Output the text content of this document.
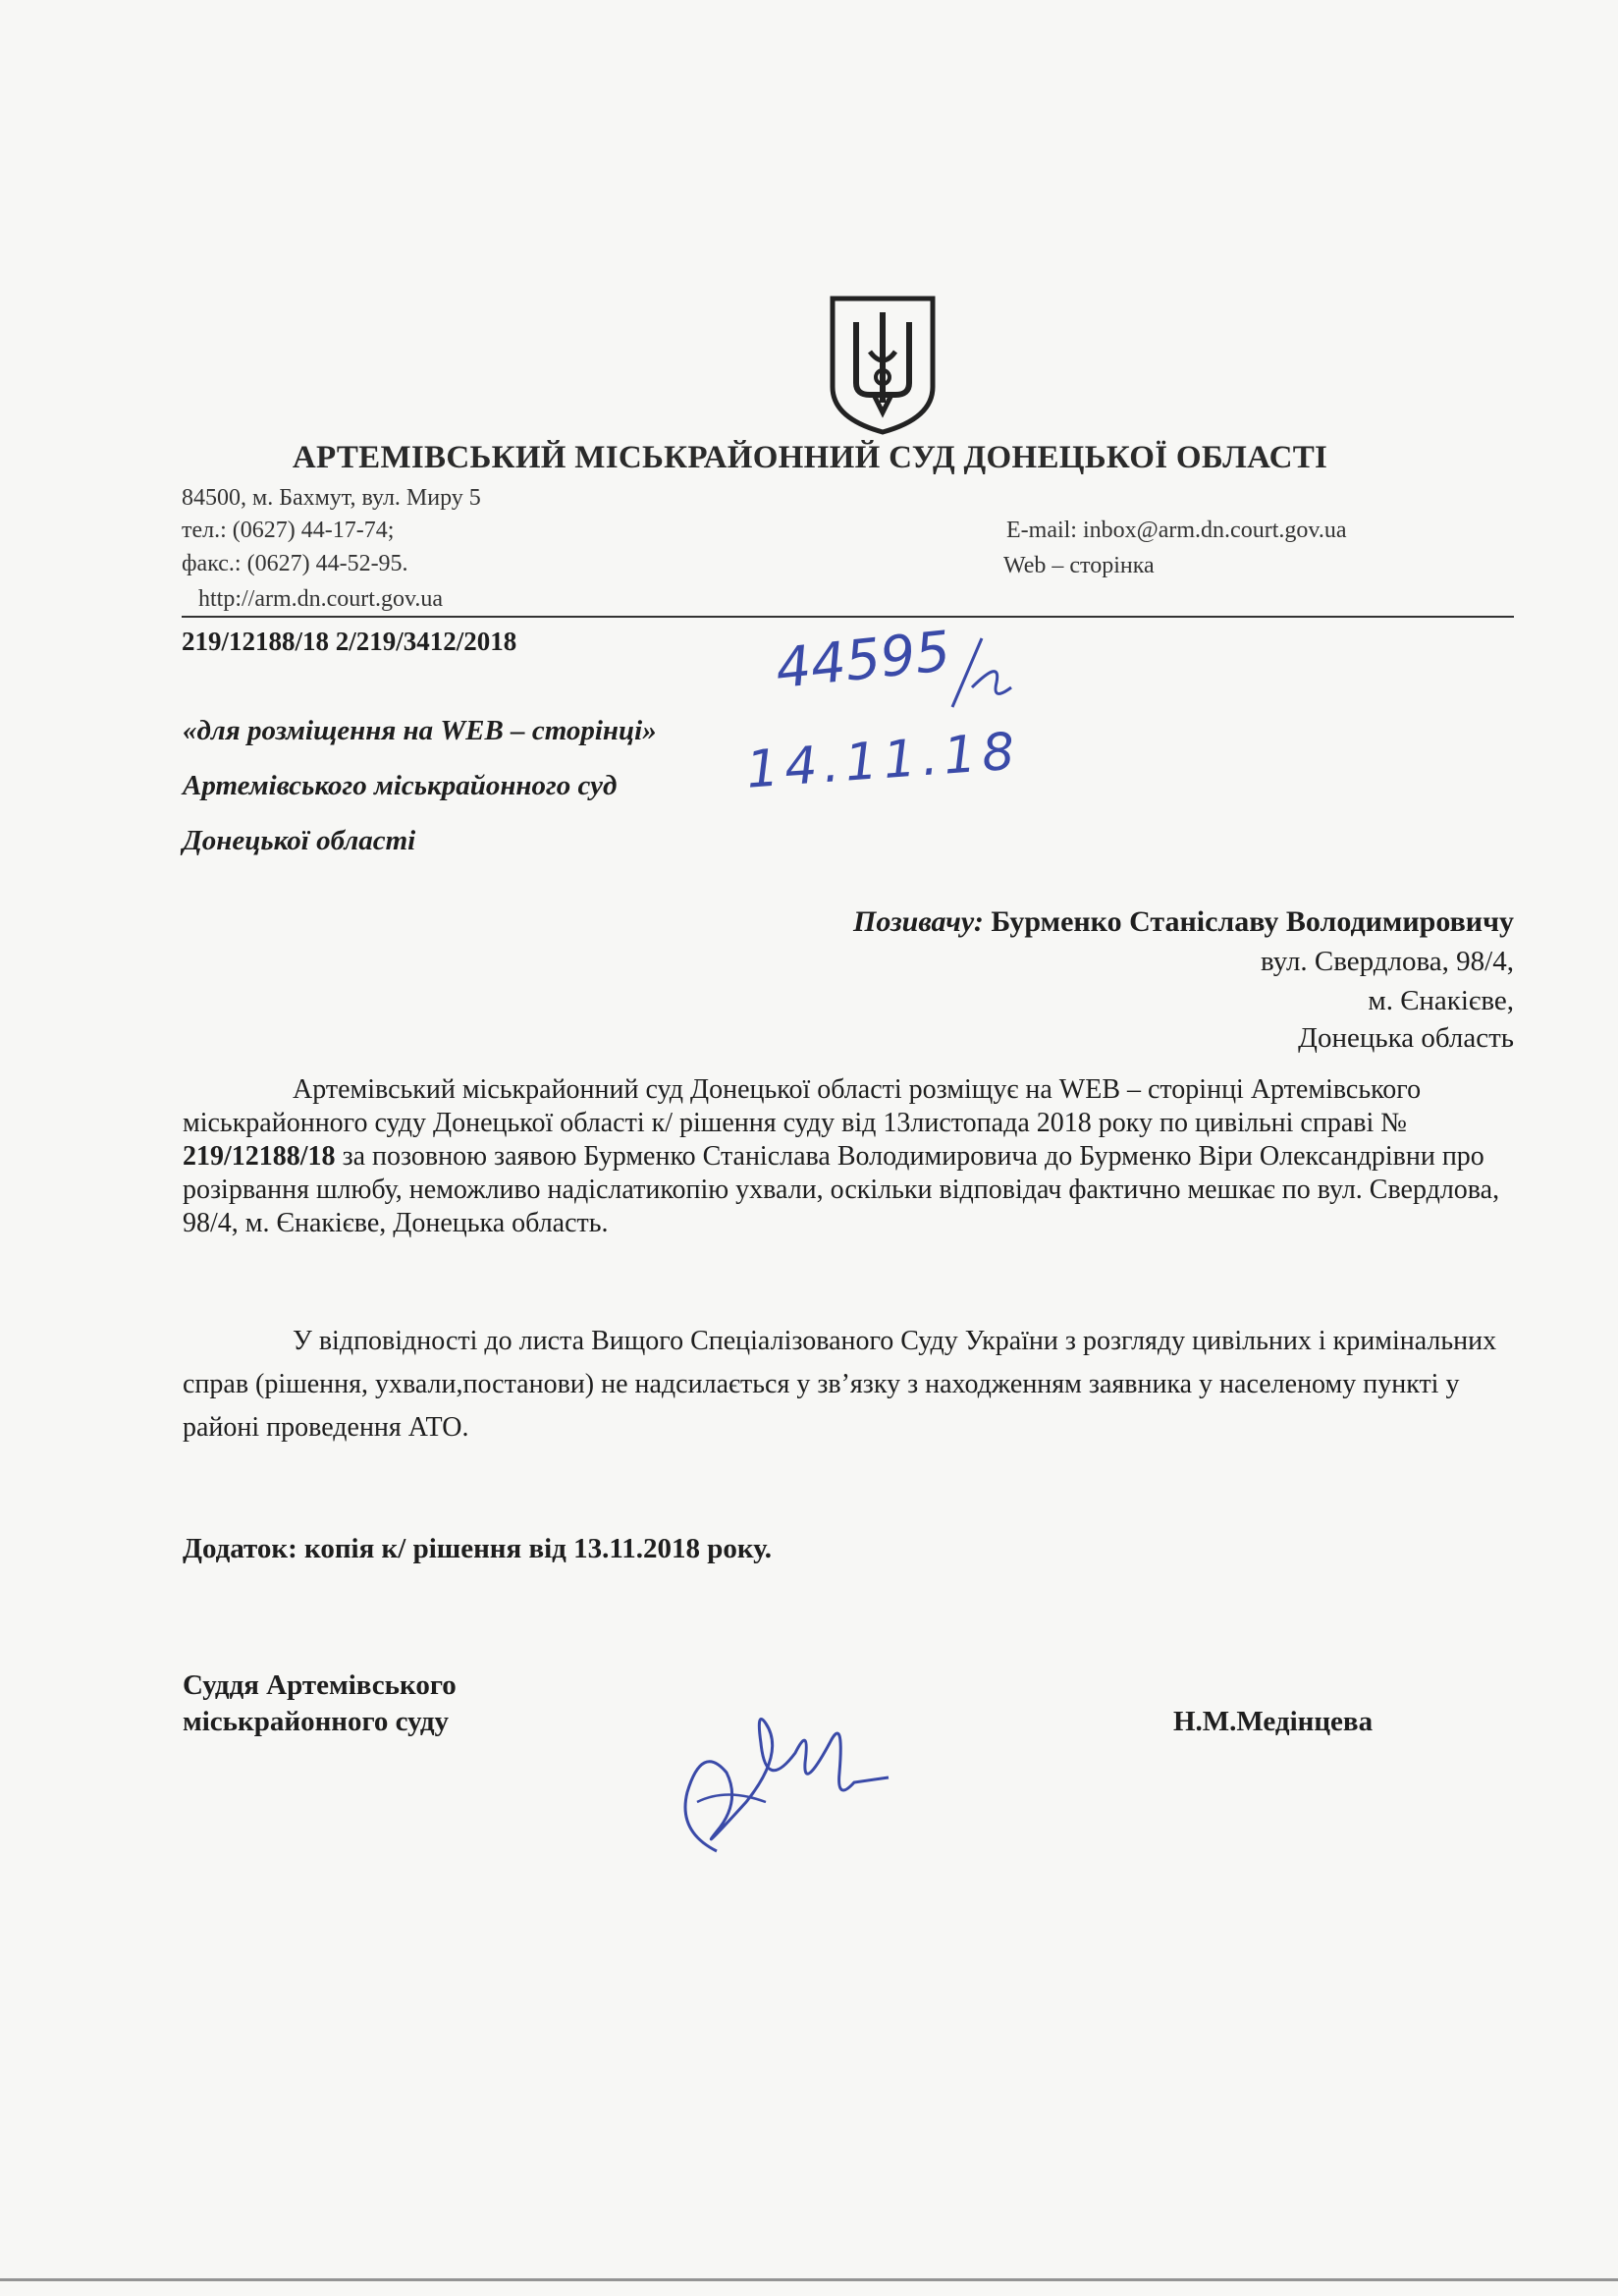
АРТЕМІВСЬКИЙ МІСЬКРАЙОННИЙ СУД ДОНЕЦЬКОЇ ОБЛАСТІ
84500, м. Бахмут, вул. Миру 5
тел.: (0627) 44-17-74;
факс.: (0627) 44-52-95.
http://arm.dn.court.gov.ua
E-mail: inbox@arm.dn.court.gov.ua
Web – сторінка
219/12188/18 2/219/3412/2018	44595
14.11.18
«для розміщення на WEB – сторінці»
Артемівського міськрайонного суд
Донецької області
Позивачу: Бурменко Станіславу Володимировичу
вул. Свердлова, 98/4,
м. Єнакієве,
Донецька область

Артемівський міськрайонний суд Донецької області розміщує на WEB – сторінці Артемівського міськрайонного суду Донецької області к/ рішення суду від 13листопада 2018 року по цивільні справі № 219/12188/18 за позовною заявою Бурменко Станіслава Володимировича до Бурменко Віри Олександрівни про розірвання шлюбу, неможливо надіслатикопію ухвали, оскільки відповідач фактично мешкає по вул. Свердлова, 98/4, м. Єнакієве, Донецька область.

У відповідності до листа Вищого Спеціалізованого Суду України з розгляду цивільних і кримінальних справ (рішення, ухвали,постанови) не надсилається у зв’язку з находженням заявника у населеному пункті у районі проведення АТО.

Додаток: копія к/ рішення від 13.11.2018 року.
Суддя Артемівського
міськрайонного суду	Н.М.Медінцева
